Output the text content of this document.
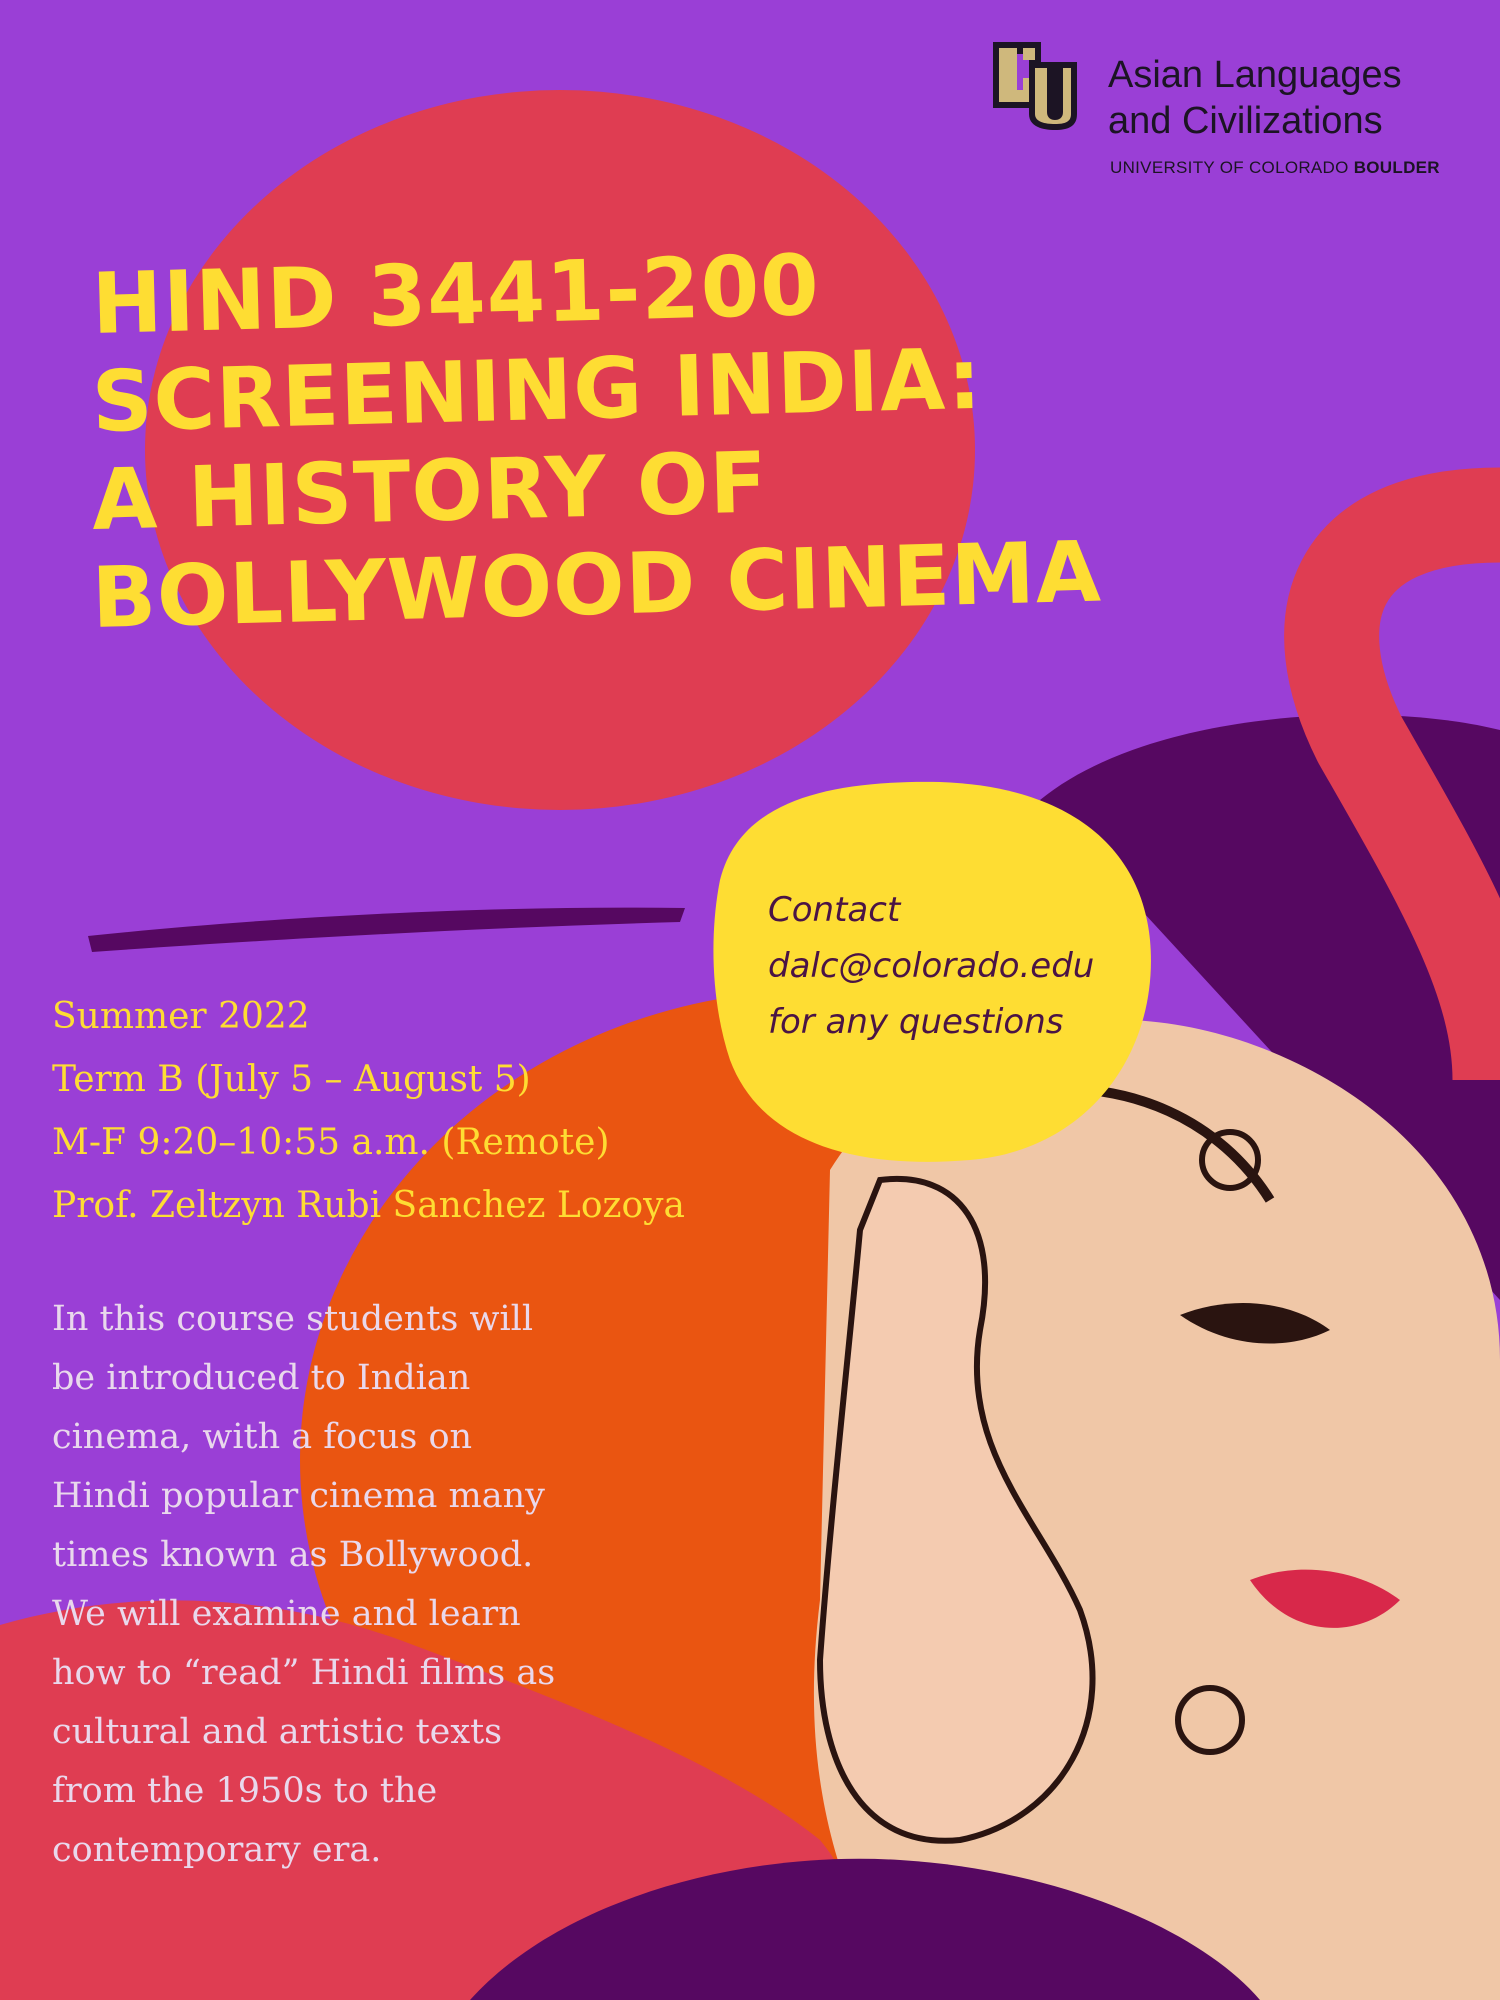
Asian Languages
and Civilizations
UNIVERSITY OF COLORADO BOULDER
HIND 3441-200
SCREENING INDIA:
A HISTORY OF
BOLLYWOOD CINEMA
Contact
dalc@colorado.edu
for any questions
Summer 2022
Term B (July 5 – August 5)
M-F 9:20–10:55 a.m. (Remote)
Prof. Zeltzyn Rubi Sanchez Lozoya
In this course students will
be introduced to Indian
cinema, with a focus on
Hindi popular cinema many
times known as Bollywood.
We will examine and learn
how to “read” Hindi films as
cultural and artistic texts
from the 1950s to the
contemporary era.
